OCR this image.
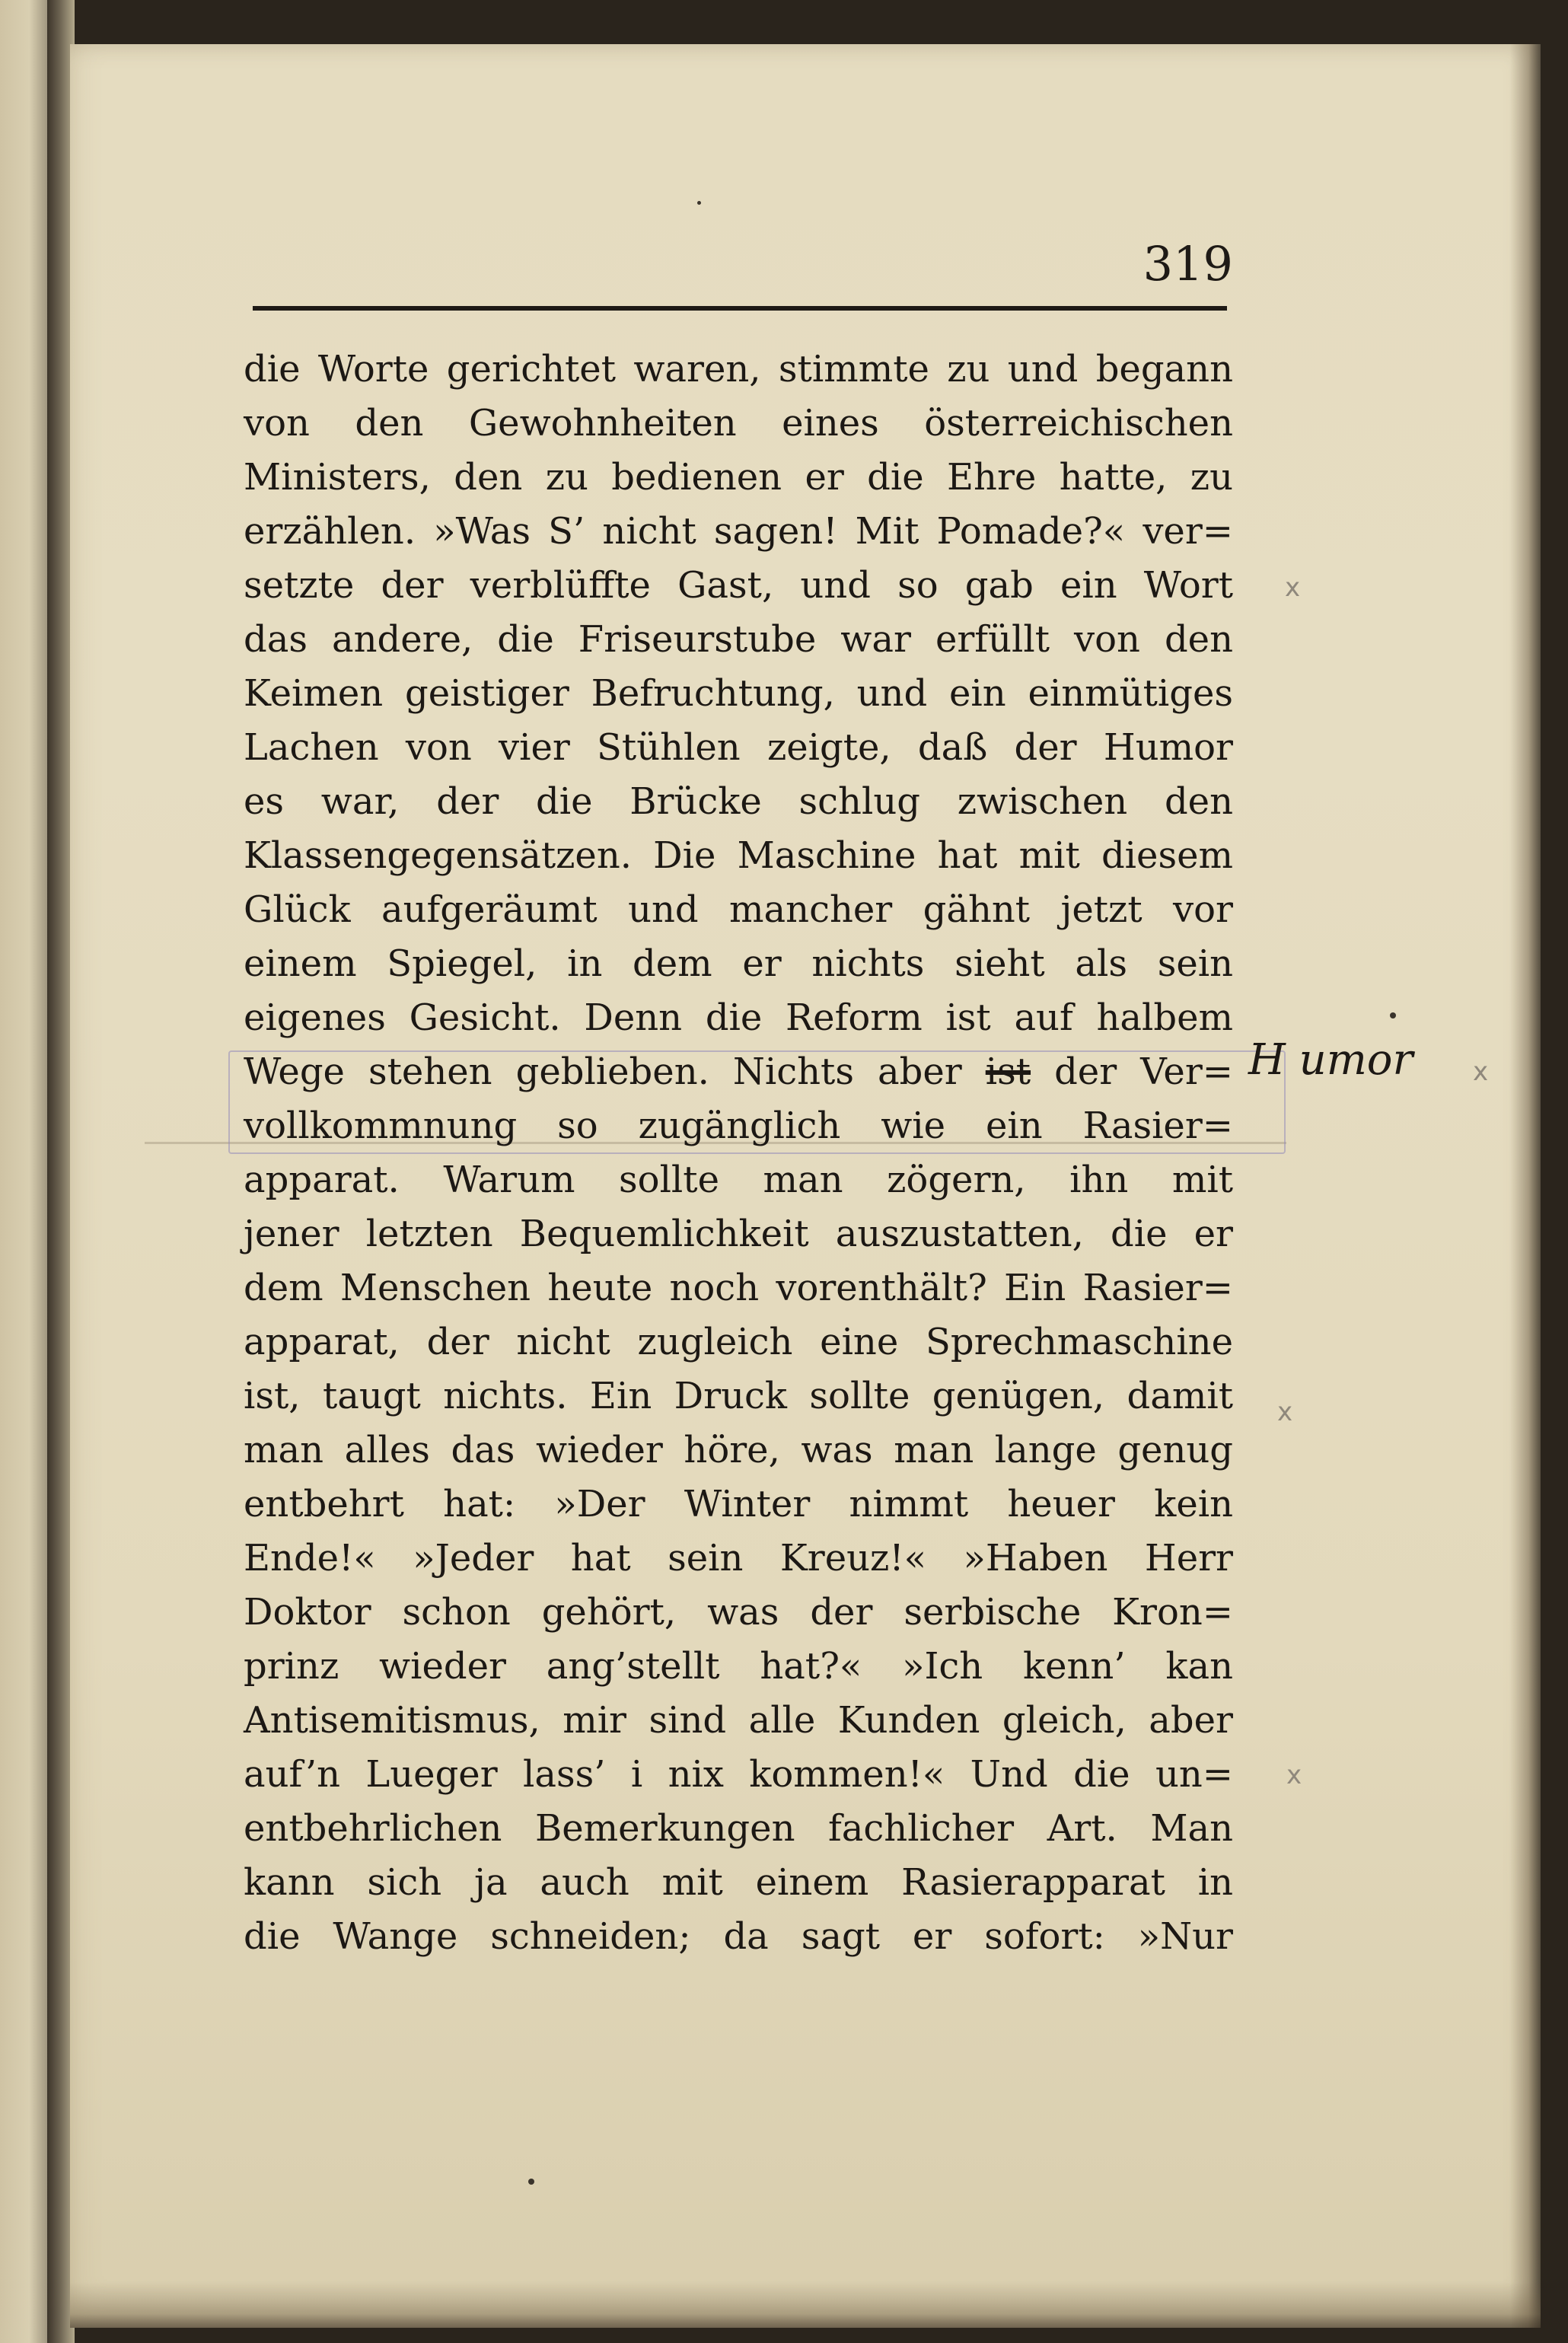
319
die Worte gerichtet waren, stimmte zu und begann
von den Gewohnheiten eines österreichischen
Ministers, den zu bedienen er die Ehre hatte, zu
erzählen. »Was S’ nicht sagen! Mit Pomade?« ver=
setzte der verblüffte Gast, und so gab ein Wort
das andere, die Friseurstube war erfüllt von den
Keimen geistiger Befruchtung, und ein einmütiges
Lachen von vier Stühlen zeigte, daß der Humor
es war, der die Brücke schlug zwischen den
Klassengegensätzen. Die Maschine hat mit diesem
Glück aufgeräumt und mancher gähnt jetzt vor
einem Spiegel, in dem er nichts sieht als sein
eigenes Gesicht. Denn die Reform ist auf halbem
Wege stehen geblieben. Nichts aber ist der Ver=
vollkommnung so zugänglich wie ein Rasier=
apparat. Warum sollte man zögern, ihn mit
jener letzten Bequemlichkeit auszustatten, die er
dem Menschen heute noch vorenthält? Ein Rasier=
apparat, der nicht zugleich eine Sprechmaschine
ist, taugt nichts. Ein Druck sollte genügen, damit
man alles das wieder höre, was man lange genug
entbehrt hat: »Der Winter nimmt heuer kein
Ende!« »Jeder hat sein Kreuz!« »Haben Herr
Doktor schon gehört, was der serbische Kron=
prinz wieder ang’stellt hat?« »Ich kenn’ kan
Antisemitismus, mir sind alle Kunden gleich, aber
auf’n Lueger lass’ i nix kommen!« Und die un=
entbehrlichen Bemerkungen fachlicher Art. Man
kann sich ja auch mit einem Rasierapparat in
die Wange schneiden; da sagt er sofort: »Nur
H umor
x
x
x
x
